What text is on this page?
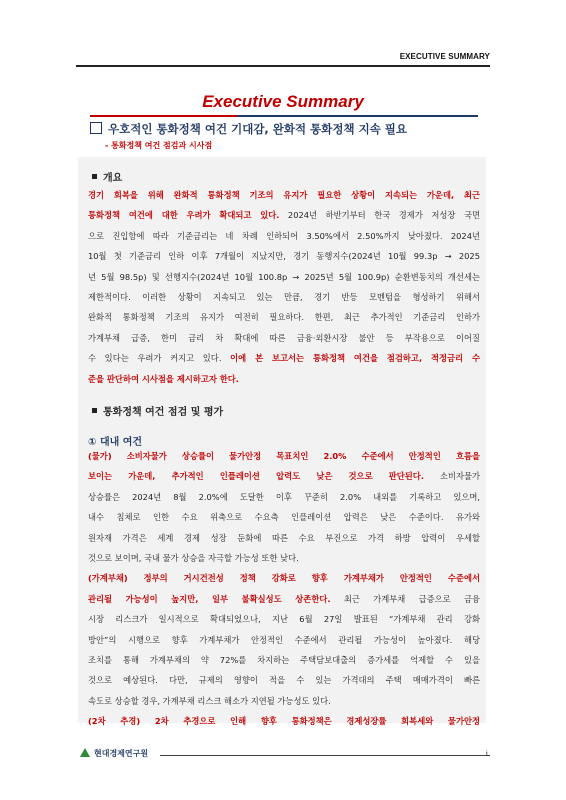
EXECUTIVE SUMMARY
Executive Summary
우호적인 통화정책 여건 기대감, 완화적 통화정책 지속 필요
- 통화정책 여건 점검과 시사점
개요
경기 회복을 위해 완화적 통화정책 기조의 유지가 필요한 상황이 지속되는 가운데, 최근
통화정책 여건에 대한 우려가 확대되고 있다. 2024년 하반기부터 한국 경제가 저성장 국면
으로 진입함에 따라 기준금리는 네 차례 인하되어 3.50%에서 2.50%까지 낮아졌다. 2024년
10월 첫 기준금리 인하 이후 7개월이 지났지만, 경기 동행지수(2024년 10월 99.3p → 2025
년 5월 98.5p) 및 선행지수(2024년 10월 100.8p → 2025년 5월 100.9p) 순환변동치의 개선세는
제한적이다. 이러한 상황이 지속되고 있는 만큼, 경기 반등 모멘텀을 형성하기 위해서
완화적 통화정책 기조의 유지가 여전히 필요하다. 한편, 최근 추가적인 기준금리 인하가
가계부채 급증, 한미 금리 차 확대에 따른 금융·외환시장 불안 등 부작용으로 이어질
수 있다는 우려가 커지고 있다. 이에 본 보고서는 통화정책 여건을 점검하고, 적정금리 수
준을 판단하여 시사점을 제시하고자 한다.
통화정책 여건 점검 및 평가
① 대내 여건
(물가) 소비자물가 상승률이 물가안정 목표치인 2.0% 수준에서 안정적인 흐름을
보이는 가운데, 추가적인 인플레이션 압력도 낮은 것으로 판단된다. 소비자물가
상승률은 2024년 8월 2.0%에 도달한 이후 꾸준히 2.0% 내외를 기록하고 있으며,
내수 침체로 인한 수요 위축으로 수요측 인플레이션 압력은 낮은 수준이다. 유가와
원자재 가격은 세계 경제 성장 둔화에 따른 수요 부진으로 가격 하방 압력이 우세할
것으로 보이며, 국내 물가 상승을 자극할 가능성 또한 낮다.
(가계부채) 정부의 거시건전성 정책 강화로 향후 가계부채가 안정적인 수준에서
관리될 가능성이 높지만, 일부 불확실성도 상존한다. 최근 가계부채 급증으로 금융
시장 리스크가 일시적으로 확대되었으나, 지난 6월 27일 발표된 “가계부채 관리 강화
방안”의 시행으로 향후 가계부채가 안정적인 수준에서 관리될 가능성이 높아졌다. 해당
조치를 통해 가계부채의 약 72%를 차지하는 주택담보대출의 증가세를 억제할 수 있을
것으로 예상된다. 다만, 규제의 영향이 적을 수 있는 가격대의 주택 매매가격이 빠른
속도로 상승할 경우, 가계부채 리스크 해소가 지연될 가능성도 있다.
(2차 추경) 2차 추경으로 인해 향후 통화정책은 경제성장률 회복세와 물가안정
현대경제연구원	i
